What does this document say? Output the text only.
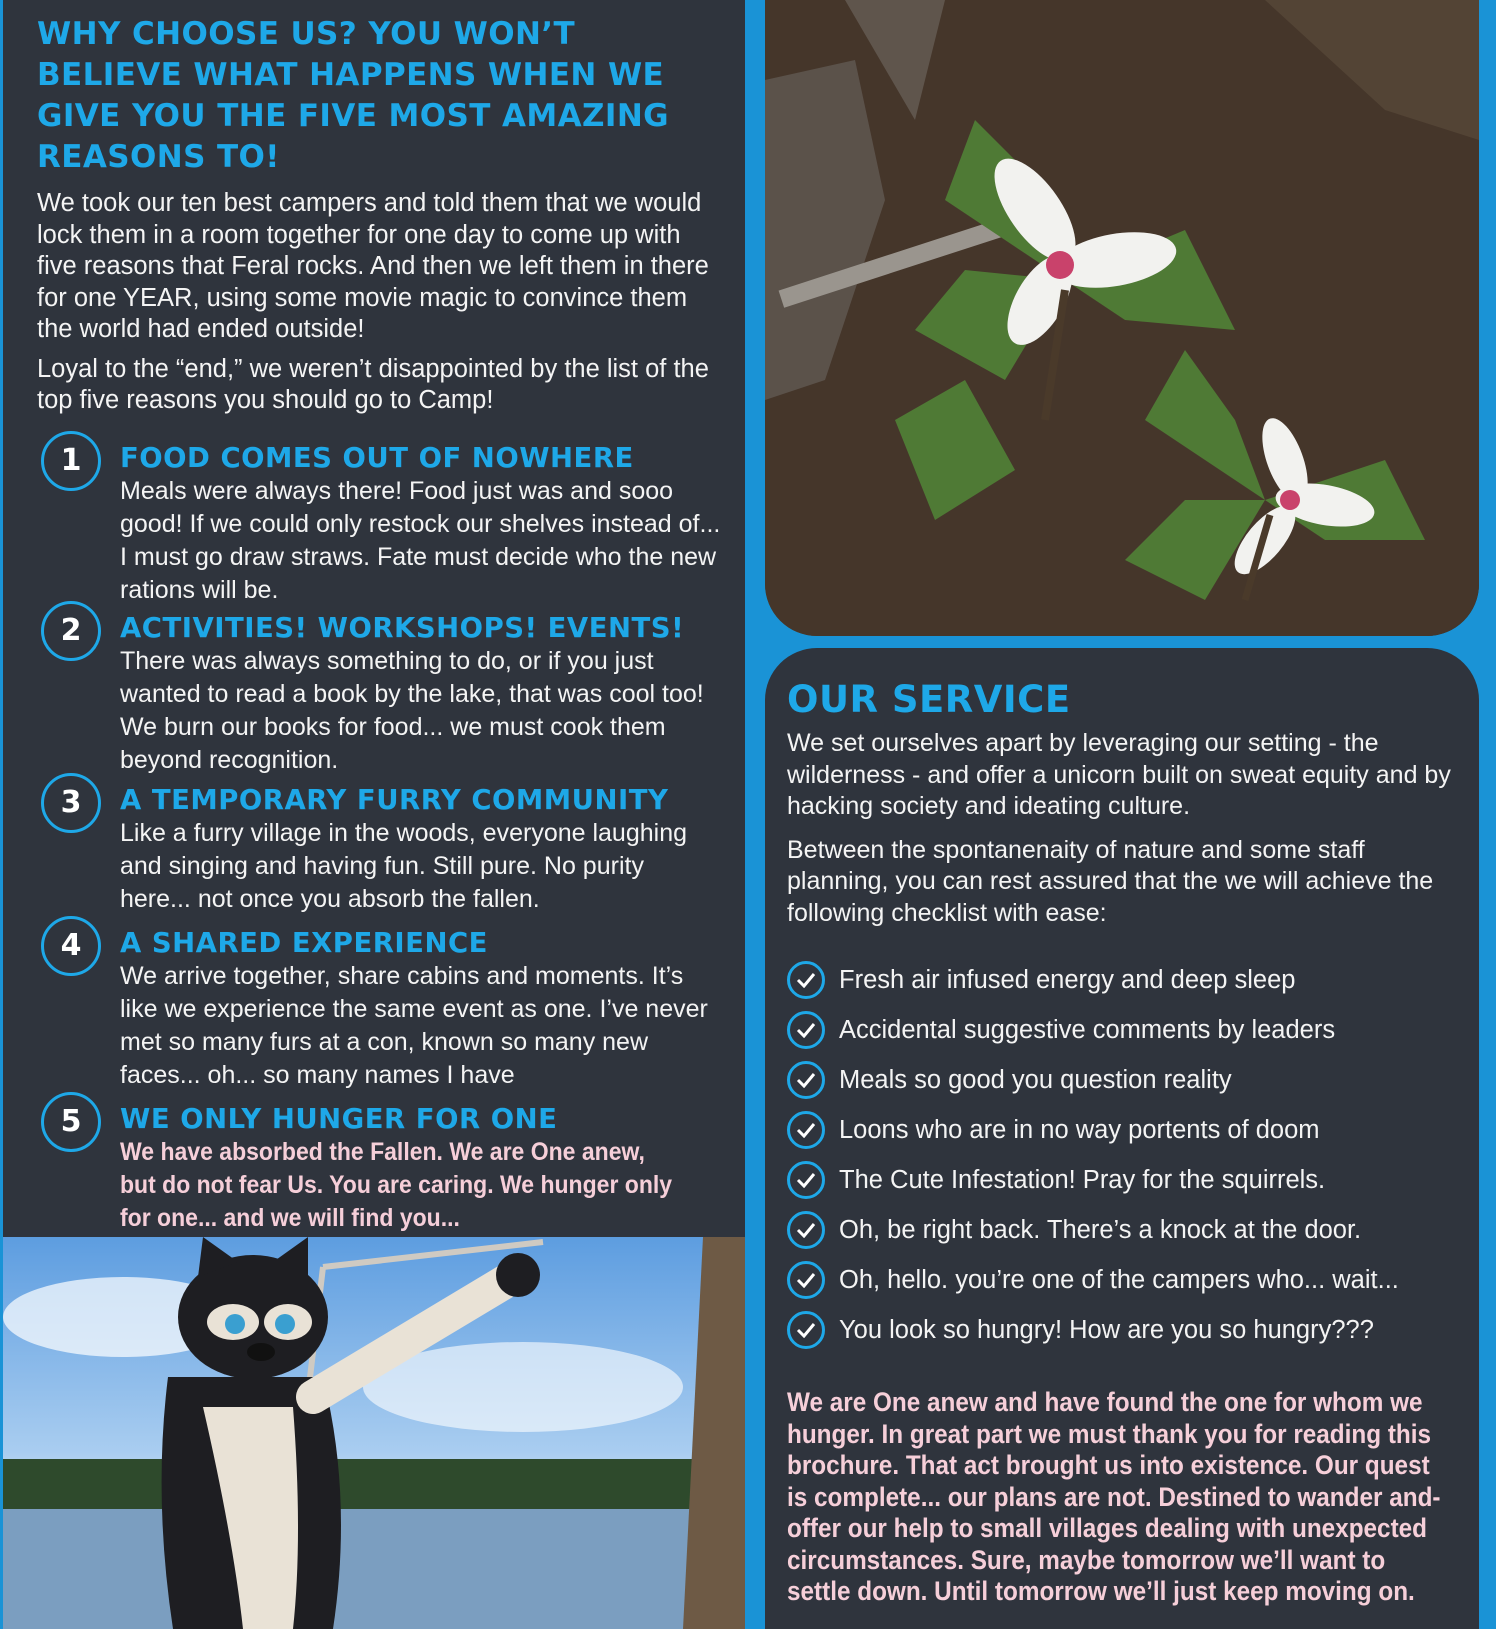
WHY CHOOSE US? YOU WON’T BELIEVE WHAT HAPPENS WHEN WE GIVE YOU THE FIVE MOST AMAZING REASONS TO!

We took our ten best campers and told them that we would lock them in a room together for one day to come up with five reasons that Feral rocks. And then we left them in there for one YEAR, using some movie magic to convince them the world had ended outside!

Loyal to the “end,” we weren’t disappointed by the list of the top five reasons you should go to Camp!

1	FOOD COMES OUT OF NOWHERE

Meals were always there! Food just was and sooo good! If we could only restock our shelves instead of... I must go draw straws. Fate must decide who the new rations will be.

2	ACTIVITIES! WORKSHOPS! EVENTS!

There was always something to do, or if you just wanted to read a book by the lake, that was cool too! We burn our books for food... we must cook them beyond recognition.

3	A TEMPORARY FURRY COMMUNITY

Like a furry village in the woods, everyone laughing and singing and having fun. Still pure. No purity here... not once you absorb the fallen.

4	A SHARED EXPERIENCE

We arrive together, share cabins and moments. It’s like we experience the same event as one. I’ve never met so many furs at a con, known so many new faces... oh... so many names I have

5	WE ONLY HUNGER FOR ONE

We have absorbed the Fallen. We are One anew, but do not fear Us. You are caring. We hunger only for one... and we will find you...

OUR SERVICE

We set ourselves apart by leveraging our setting - the wilderness - and offer a unicorn built on sweat equity and by hacking society and ideating culture.

Between the spontanenaity of nature and some staff planning, you can rest assured that the we will achieve the following checklist with ease:

Fresh air infused energy and deep sleep
Accidental suggestive comments by leaders
Meals so good you question reality
Loons who are in no way portents of doom
The Cute Infestation! Pray for the squirrels.
Oh, be right back. There’s a knock at the door.
Oh, hello. you’re one of the campers who... wait...
You look so hungry! How are you so hungry???

We are One anew and have found the one for whom we hunger. In great part we must thank you for reading this brochure. That act brought us into existence. Our quest is complete... our plans are not. Destined to wander and-offer our help to small villages dealing with unexpected circumstances. Sure, maybe tomorrow we’ll want to settle down. Until tomorrow we’ll just keep moving on.
